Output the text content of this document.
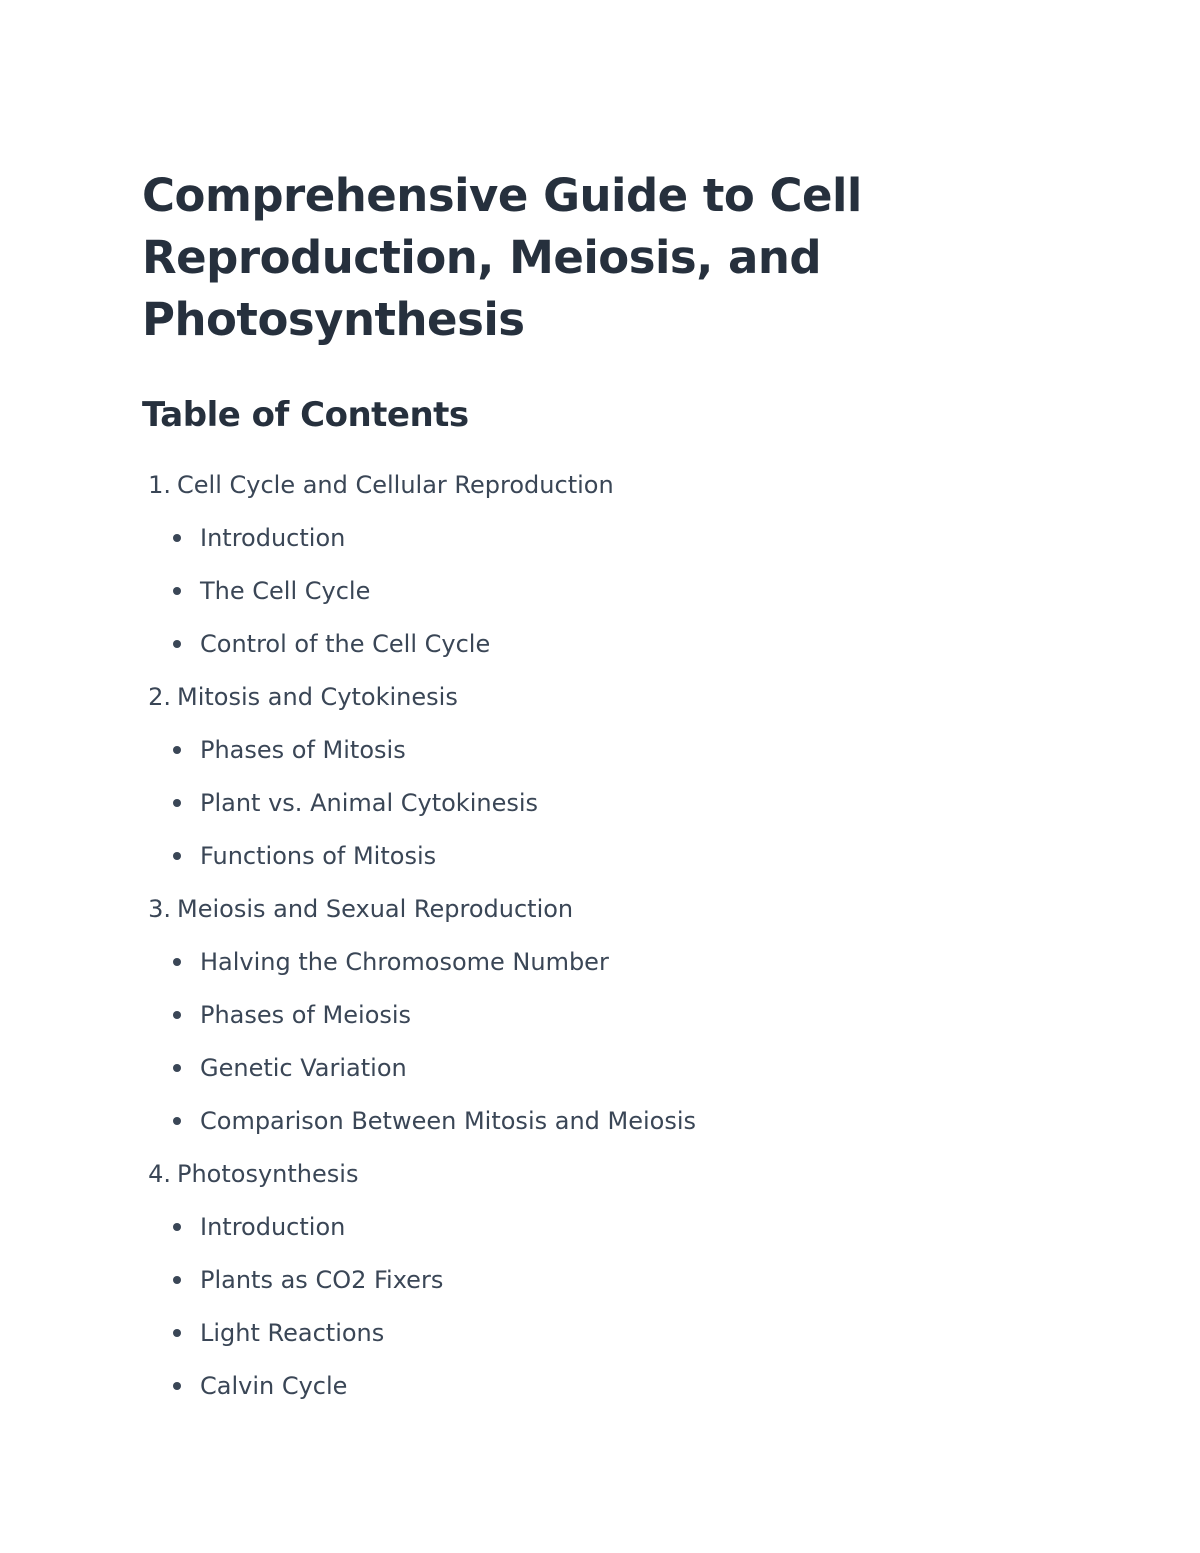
Comprehensive Guide to Cell Reproduction, Meiosis, and Photosynthesis
Table of Contents
1. Cell Cycle and Cellular Reproduction
Introduction
The Cell Cycle
Control of the Cell Cycle
2. Mitosis and Cytokinesis
Phases of Mitosis
Plant vs. Animal Cytokinesis
Functions of Mitosis
3. Meiosis and Sexual Reproduction
Halving the Chromosome Number
Phases of Meiosis
Genetic Variation
Comparison Between Mitosis and Meiosis
4. Photosynthesis
Introduction
Plants as CO2 Fixers
Light Reactions
Calvin Cycle
